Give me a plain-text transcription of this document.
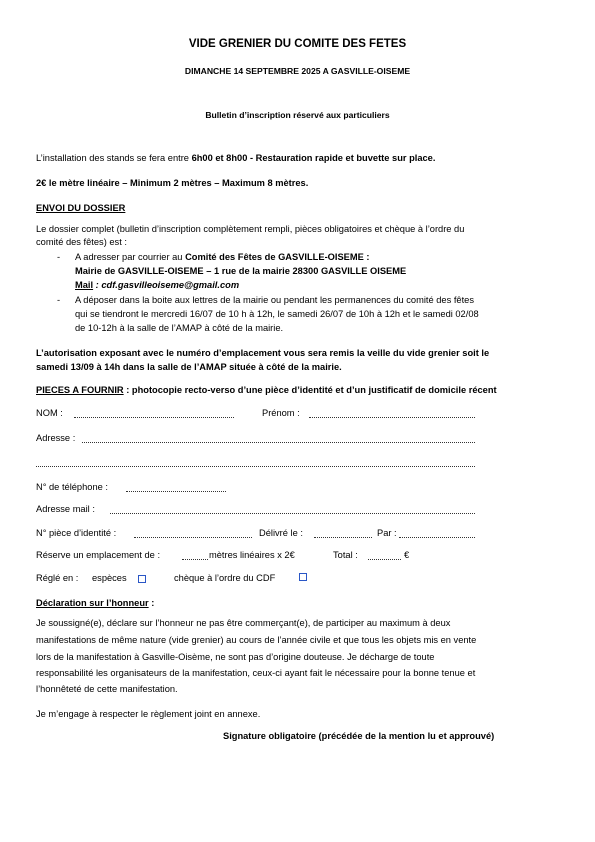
VIDE GRENIER DU COMITE DES FETES
DIMANCHE 14 SEPTEMBRE 2025 A GASVILLE-OISEME
Bulletin d’inscription réservé aux particuliers
L’installation des stands se fera entre 6h00 et 8h00 - Restauration rapide et buvette sur place.
2€ le mètre linéaire – Minimum 2 mètres – Maximum 8 mètres.
ENVOI DU DOSSIER
Le dossier complet (bulletin d’inscription complètement rempli, pièces obligatoires et chèque à l’ordre du
comité des fêtes) est :
- A adresser par courrier au Comité des Fêtes de GASVILLE-OISEME :
Mairie de GASVILLE-OISEME – 1 rue de la mairie 28300 GASVILLE OISEME
Mail : cdf.gasvilleoiseme@gmail.com
- A déposer dans la boite aux lettres de la mairie ou pendant les permanences du comité des fêtes
qui se tiendront le mercredi 16/07 de 10 h à 12h, le samedi 26/07 de 10h à 12h et le samedi 02/08
de 10-12h à la salle de l’AMAP à côté de la mairie.
L’autorisation exposant avec le numéro d’emplacement vous sera remis la veille du vide grenier soit le
samedi 13/09 à 14h dans la salle de l’AMAP située à côté de la mairie.
PIECES A FOURNIR : photocopie recto-verso d’une pièce d’identité et d’un justificatif de domicile récent
NOM :	Prénom :
Adresse :
N° de téléphone :
Adresse mail :
N° pièce d’identité :	Délivré le :	Par :
Réserve un emplacement de :	mètres linéaires x 2€	Total :	€
Réglé en : espèces	chèque à l’ordre du CDF
Déclaration sur l’honneur :
Je soussigné(e), déclare sur l’honneur ne pas être commerçant(e), de participer au maximum à deux
manifestations de même nature (vide grenier) au cours de l’année civile et que tous les objets mis en vente
lors de la manifestation à Gasville-Oisème, ne sont pas d’origine douteuse. Je décharge de toute
responsabilité les organisateurs de la manifestation, ceux-ci ayant fait le nécessaire pour la bonne tenue et
l’honnêteté de cette manifestation.
Je m’engage à respecter le règlement joint en annexe.
Signature obligatoire (précédée de la mention lu et approuvé)
